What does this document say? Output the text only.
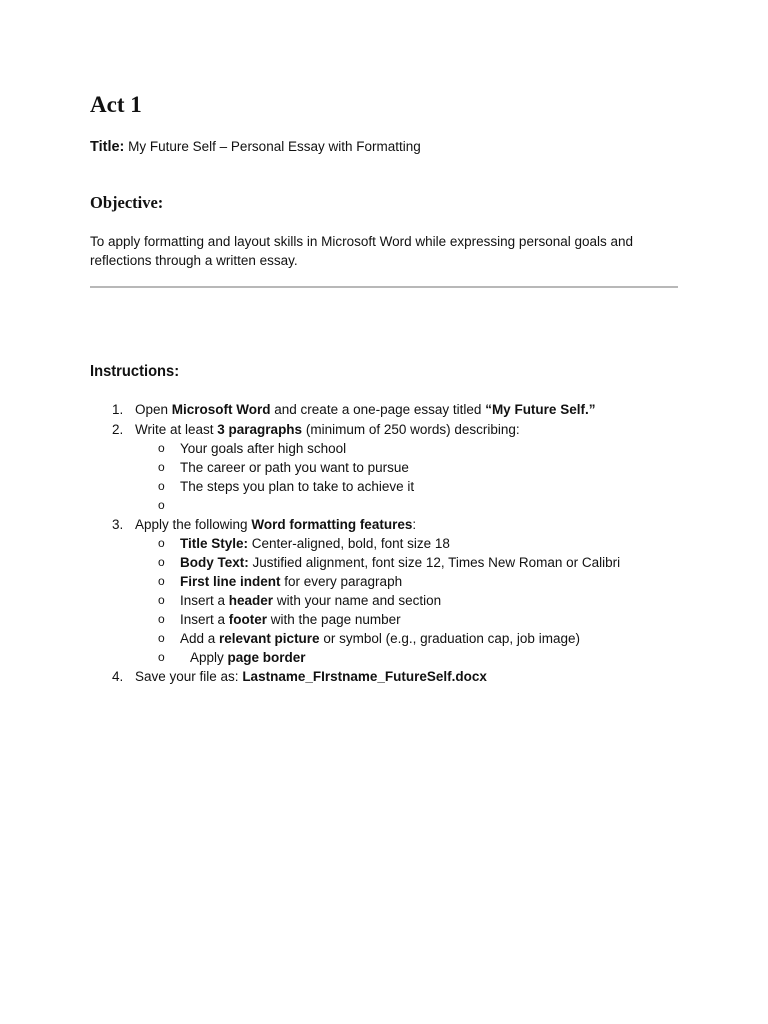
Act 1
Title: My Future Self – Personal Essay with Formatting
Objective:

To apply formatting and layout skills in Microsoft Word while expressing personal goals and reflections through a written essay.

Instructions:
1. Open Microsoft Word and create a one-page essay titled “My Future Self.”
2. Write at least 3 paragraphs (minimum of 250 words) describing:
o Your goals after high school
o The career or path you want to pursue
o The steps you plan to take to achieve it
o
3. Apply the following Word formatting features:
o Title Style: Center-aligned, bold, font size 18
o Body Text: Justified alignment, font size 12, Times New Roman or Calibri
o First line indent for every paragraph
o Insert a header with your name and section
o Insert a footer with the page number
o Add a relevant picture or symbol (e.g., graduation cap, job image)
o Apply page border
4. Save your file as: Lastname_FIrstname_FutureSelf.docx
